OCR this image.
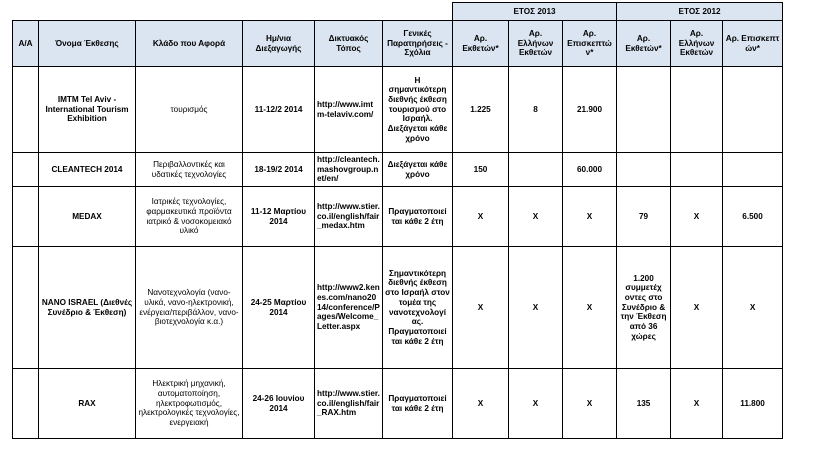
						ΕΤΟΣ 2013			ΕΤΟΣ 2012		
Α/Α	Όνομα Έκθεσης	Κλάδο που Αφορά	Ημ/νια Διεξαγωγής	Δικτυακός Τόπος	Γενικές Παρατηρήσεις - Σχόλια	Αρ. Εκθετών*	Αρ. Ελλήνων Εκθετών	Αρ. Επισκεπτώ ν*	Αρ. Εκθετών*	Αρ. Ελλήνων Εκθετών	Αρ. Επισκεπτ ών*
	IMTM Tel Aviv - International Tourism Exhibition	τουρισμός	11-12/2 2014	http://www.imtm-telaviv.com/	Η σημαντικότερη διεθνής έκθεση τουρισμού στο Ισραήλ. Διεξάγεται κάθε χρόνο	1.225	8	21.900			
	CLEANTECH 2014	Περιβαλλοντικές και υδατικές τεχνολογίες	18-19/2 2014	http://cleantech.mashovgroup.net/en/	Διεξάγεται κάθε χρόνο	150		60.000			
	MEDAX	Ιατρικές τεχνολογίες, φαρμακευτικά προϊόντα ιατρικό & νοσοκομειακό υλικό	11-12 Μαρτίου 2014	http://www.stier.co.il/english/fair_medax.htm	Πραγματοποιεί ται κάθε 2 έτη	X	X	X	79	X	6.500
	NANO ISRAEL (Διεθνές Συνέδριο & Έκθεση)	Νανοτεχνολογία (νανο-υλικά, νανο-ηλεκτρονική, ενέργεια/περιβάλλον, νανο-βιοτεχνολογία κ.α.)	24-25 Μαρτίου 2014	http://www2.kenes.com/nano2014/conference/Pages/Welcome_Letter.aspx	Σημαντικότερη διεθνής έκθεση στο Ισραήλ στον τομέα της νανοτεχνολογί ας. Πραγματοποιεί ται κάθε 2 έτη	X	X	X	1.200 συμμετέχ οντες στο Συνέδριο & την Έκθεση από 36 χώρες	X	X
	RAX	Ηλεκτρική μηχανική, αυτοματοποίηση, ηλεκτροφωτισμός, ηλεκτρολογικές τεχνολογίες, ενεργειακή	24-26 Ιουνίου 2014	http://www.stier.co.il/english/fair_RAX.htm	Πραγματοποιεί ται κάθε 2 έτη	X	X	X	135	X	11.800
